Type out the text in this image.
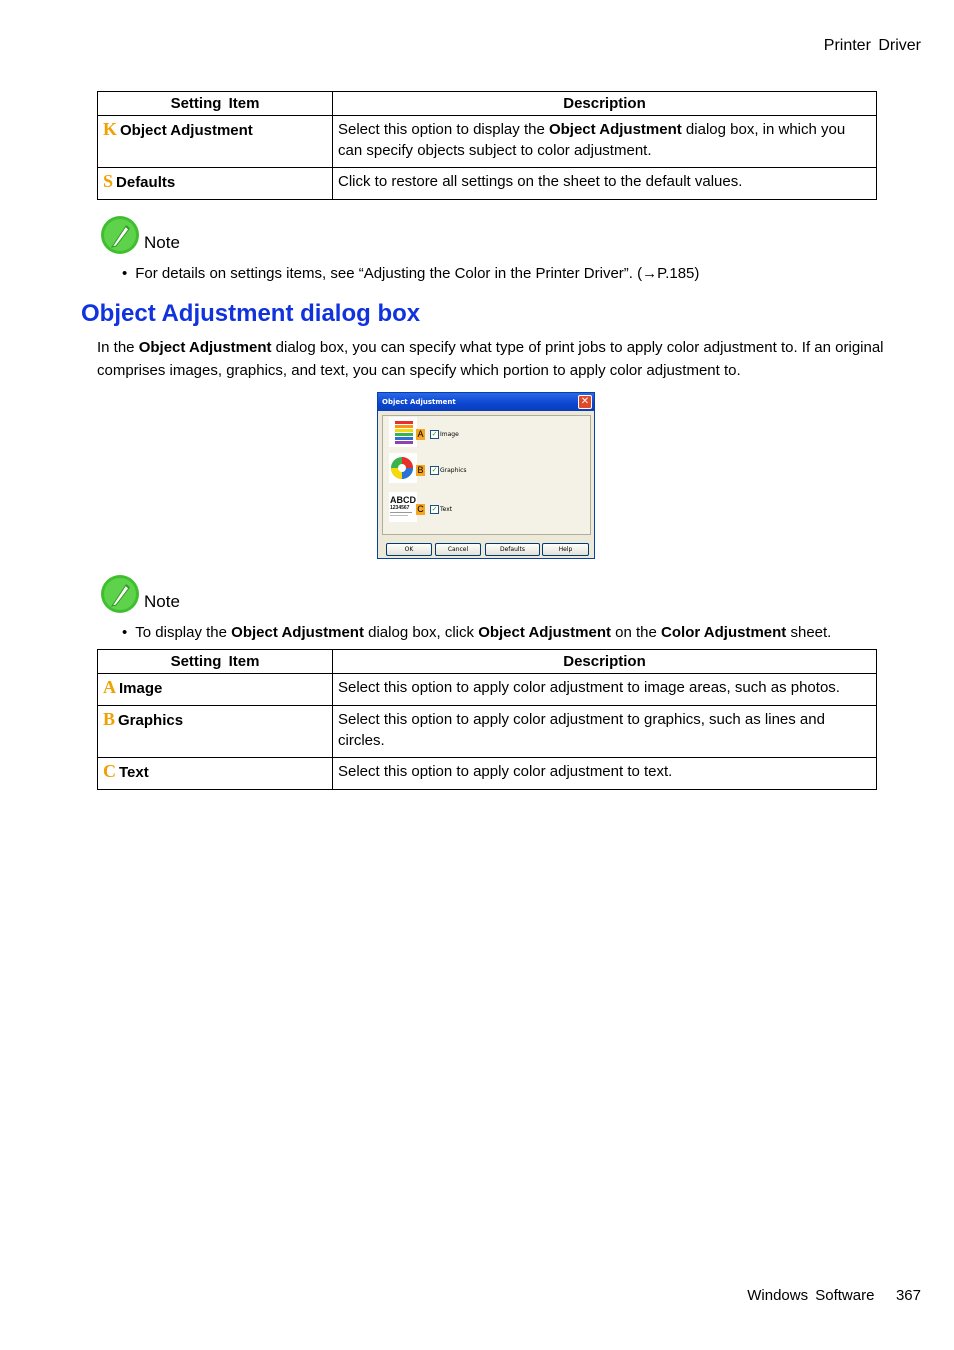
Printer Driver
Setting Item	Description
K Object Adjustment	Select this option to display the Object Adjustment dialog box, in which you can specify objects subject to color adjustment.
S Defaults	Click to restore all settings on the sheet to the default values.
Note
• For details on settings items, see “Adjusting the Color in the Printer Driver”. (→P.185)
Object Adjustment dialog box
In the Object Adjustment dialog box, you can specify what type of print jobs to apply color adjustment to. If an original comprises images, graphics, and text, you can specify which portion to apply color adjustment to.
Object Adjustment	✕
A ✓ Image
B ✓ Graphics
ABCD
1234567 C ✓ Text
OK	Cancel	Defaults	Help
Note
• To display the Object Adjustment dialog box, click Object Adjustment on the Color Adjustment sheet.
Setting Item	Description
A Image	Select this option to apply color adjustment to image areas, such as photos.
B Graphics	Select this option to apply color adjustment to graphics, such as lines and circles.
C Text	Select this option to apply color adjustment to text.
Windows Software 367
